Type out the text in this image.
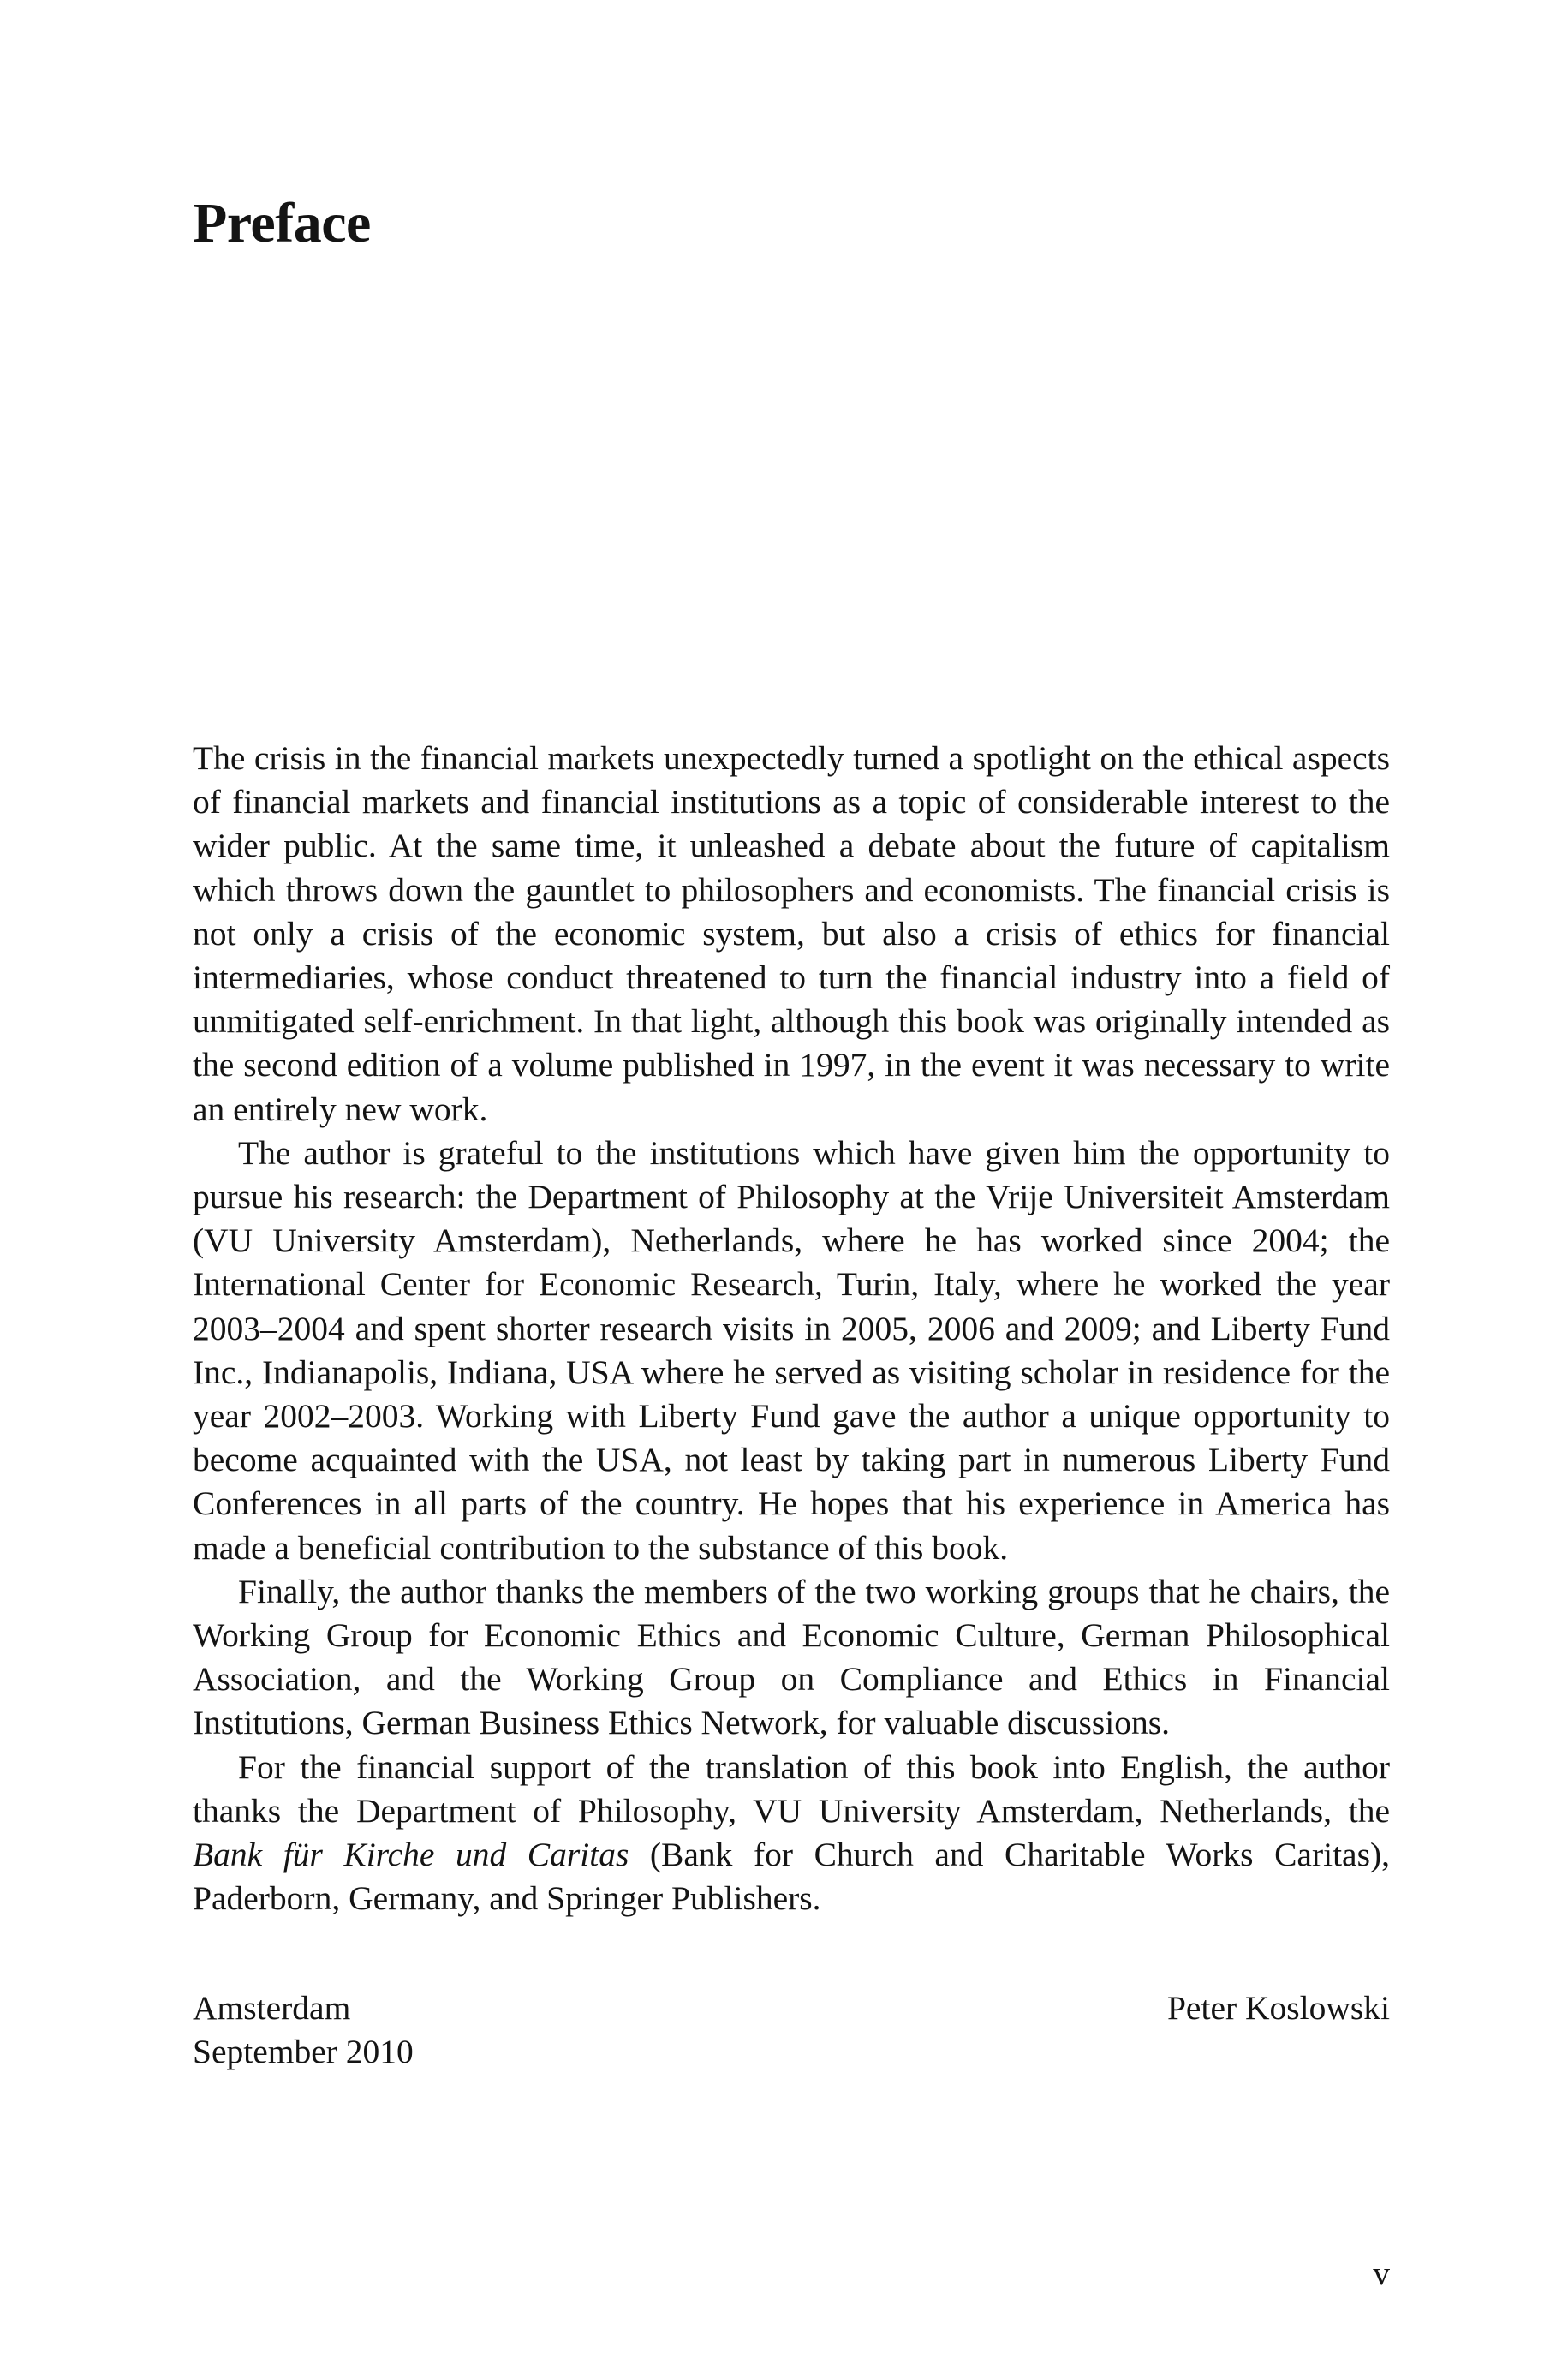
Preface

The crisis in the financial markets unexpectedly turned a spotlight on the ethical aspects of financial markets and financial institutions as a topic of considerable interest to the wider public. At the same time, it unleashed a debate about the future of capitalism which throws down the gauntlet to philosophers and economists. The financial crisis is not only a crisis of the economic system, but also a crisis of ethics for financial intermediaries, whose conduct threatened to turn the financial industry into a field of unmitigated self-enrichment. In that light, although this book was originally intended as the second edition of a volume published in 1997, in the event it was necessary to write an entirely new work.

The author is grateful to the institutions which have given him the opportunity to pursue his research: the Department of Philosophy at the Vrije Universiteit Amsterdam (VU University Amsterdam), Netherlands, where he has worked since 2004; the International Center for Economic Research, Turin, Italy, where he worked the year 2003–2004 and spent shorter research visits in 2005, 2006 and 2009; and Liberty Fund Inc., Indianapolis, Indiana, USA where he served as visiting scholar in residence for the year 2002–2003. Working with Liberty Fund gave the author a unique opportunity to become acquainted with the USA, not least by taking part in numerous Liberty Fund Conferences in all parts of the country. He hopes that his experience in America has made a beneficial contribution to the substance of this book.

Finally, the author thanks the members of the two working groups that he chairs, the Working Group for Economic Ethics and Economic Culture, German Philosophical Association, and the Working Group on Compliance and Ethics in Financial Institutions, German Business Ethics Network, for valuable discussions.

For the financial support of the translation of this book into English, the author thanks the Department of Philosophy, VU University Amsterdam, Netherlands, the Bank für Kirche und Caritas (Bank for Church and Charitable Works Caritas), Paderborn, Germany, and Springer Publishers.

Amsterdam
September 2010
Peter Koslowski
v
